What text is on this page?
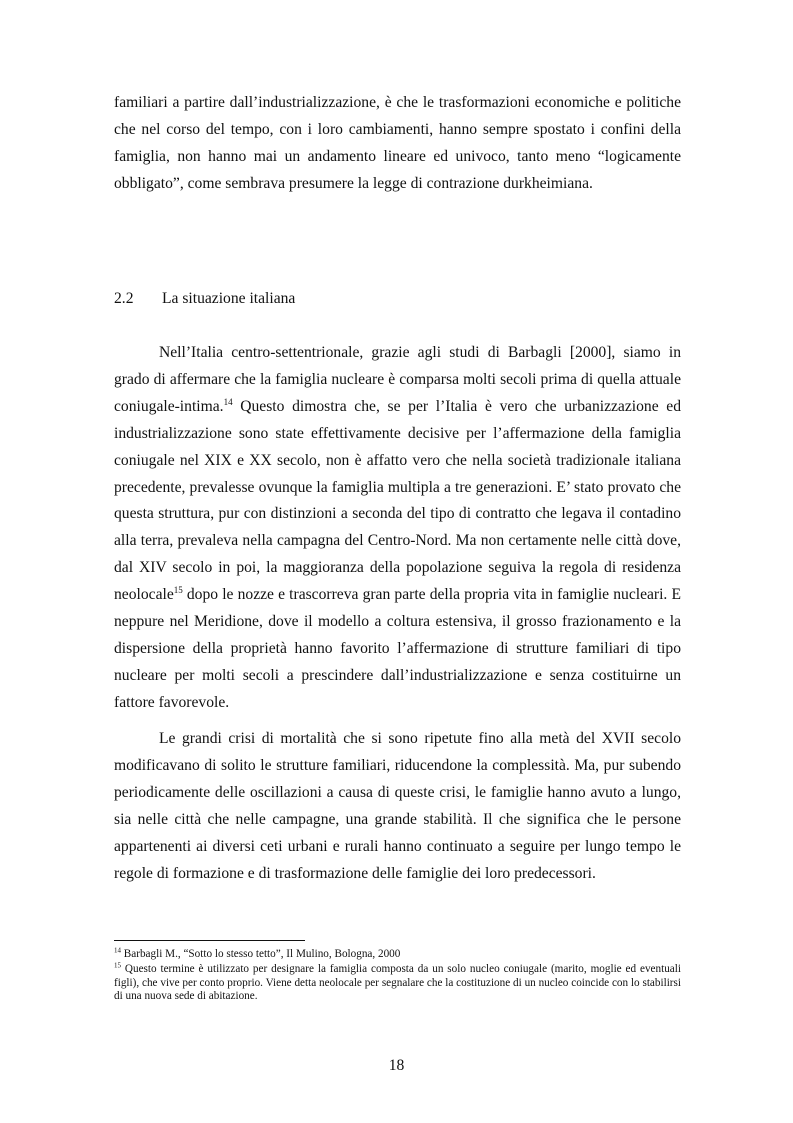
familiari a partire dall’industrializzazione, è che le trasformazioni economiche e politiche che nel corso del tempo, con i loro cambiamenti, hanno sempre spostato i confini della famiglia, non hanno mai un andamento lineare ed univoco, tanto meno “logicamente obbligato”, come sembrava presumere la legge di contrazione durkheimiana.

2.2 La situazione italiana

Nell’Italia centro-settentrionale, grazie agli studi di Barbagli [2000], siamo in grado di affermare che la famiglia nucleare è comparsa molti secoli prima di quella attuale coniugale-intima.$^{14}$ Questo dimostra che, se per l’Italia è vero che urbanizzazione ed industrializzazione sono state effettivamente decisive per l’affermazione della famiglia coniugale nel XIX e XX secolo, non è affatto vero che nella società tradizionale italiana precedente, prevalesse ovunque la famiglia multipla a tre generazioni. E’ stato provato che questa struttura, pur con distinzioni a seconda del tipo di contratto che legava il contadino alla terra, prevaleva nella campagna del Centro-Nord. Ma non certamente nelle città dove, dal XIV secolo in poi, la maggioranza della popolazione seguiva la regola di residenza neolocale$^{15}$ dopo le nozze e trascorreva gran parte della propria vita in famiglie nucleari. E neppure nel Meridione, dove il modello a coltura estensiva, il grosso frazionamento e la dispersione della proprietà hanno favorito l’affermazione di strutture familiari di tipo nucleare per molti secoli a prescindere dall’industrializzazione e senza costituirne un fattore favorevole.

Le grandi crisi di mortalità che si sono ripetute fino alla metà del XVII secolo modificavano di solito le strutture familiari, riducendone la complessità. Ma, pur subendo periodicamente delle oscillazioni a causa di queste crisi, le famiglie hanno avuto a lungo, sia nelle città che nelle campagne, una grande stabilità. Il che significa che le persone appartenenti ai diversi ceti urbani e rurali hanno continuato a seguire per lungo tempo le regole di formazione e di trasformazione delle famiglie dei loro predecessori.

$^{14}$ Barbagli M., “Sotto lo stesso tetto”, Il Mulino, Bologna, 2000

$^{15}$ Questo termine è utilizzato per designare la famiglia composta da un solo nucleo coniugale (marito, moglie ed eventuali figli), che vive per conto proprio. Viene detta neolocale per segnalare che la costituzione di un nucleo coincide con lo stabilirsi di una nuova sede di abitazione.

18
